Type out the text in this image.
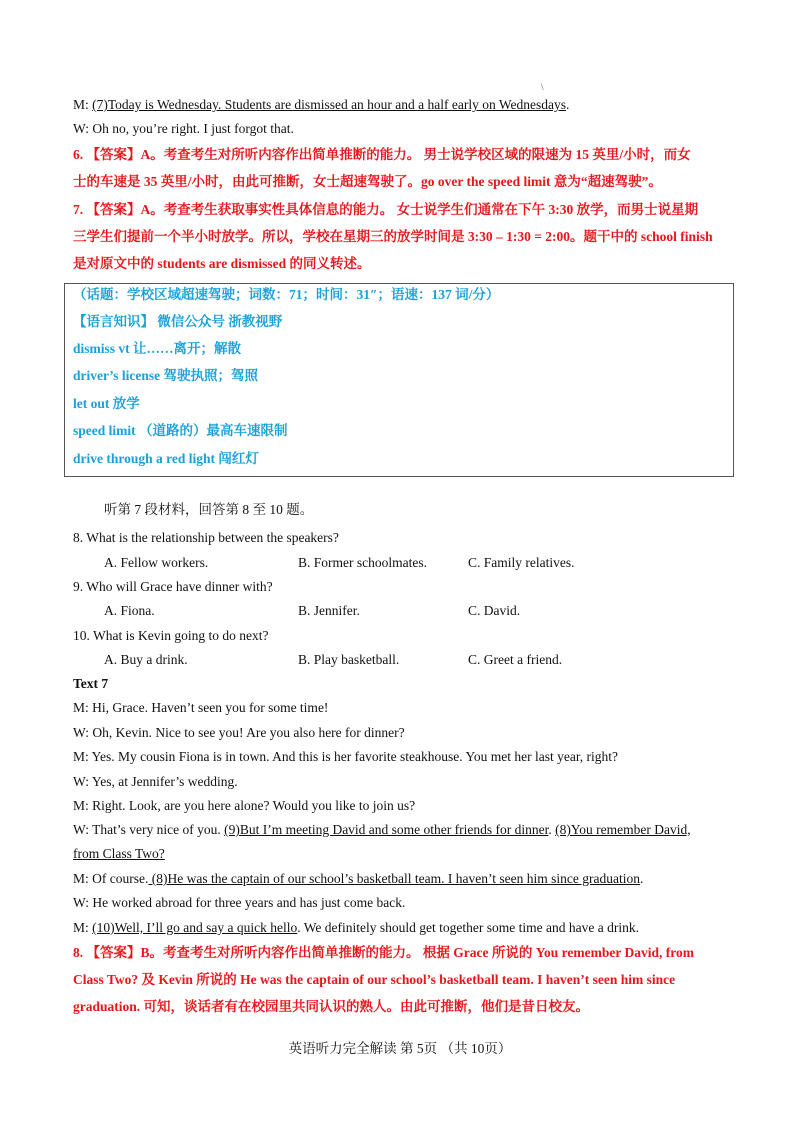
\
M: (7)Today is Wednesday. Students are dismissed an hour and a half early on Wednesdays.
W: Oh no, you’re right. I just forgot that.
6. 【答案】A。考查考生对所听内容作出简单推断的能力。 男士说学校区域的限速为 15 英里/小时，而女
士的车速是 35 英里/小时，由此可推断，女士超速驾驶了。go over the speed limit 意为“超速驾驶”。
7. 【答案】A。考查考生获取事实性具体信息的能力。 女士说学生们通常在下午 3:30 放学，而男士说星期
三学生们提前一个半小时放学。所以，学校在星期三的放学时间是 3:30 – 1:30 = 2:00。题干中的 school finish
是对原文中的 students are dismissed 的同义转述。
（话题：学校区域超速驾驶；词数：71；时间：31″；语速：137 词/分）
【语言知识】 微信公众号 浙教视野
dismiss vt 让……离开；解散
driver’s license 驾驶执照；驾照
let out 放学
speed limit （道路的）最高车速限制
drive through a red light 闯红灯
听第 7 段材料，回答第 8 至 10 题。
8. What is the relationship between the speakers?
A. Fellow workers.	B. Former schoolmates.	C. Family relatives.
9. Who will Grace have dinner with?
A. Fiona.	B. Jennifer.	C. David.
10. What is Kevin going to do next?
A. Buy a drink.	B. Play basketball.	C. Greet a friend.
Text 7
M: Hi, Grace. Haven’t seen you for some time!
W: Oh, Kevin. Nice to see you! Are you also here for dinner?
M: Yes. My cousin Fiona is in town. And this is her favorite steakhouse. You met her last year, right?
W: Yes, at Jennifer’s wedding.
M: Right. Look, are you here alone? Would you like to join us?
W: That’s very nice of you. (9)But I’m meeting David and some other friends for dinner. (8)You remember David,
from Class Two?
M: Of course. (8)He was the captain of our school’s basketball team. I haven’t seen him since graduation.
W: He worked abroad for three years and has just come back.
M: (10)Well, I’ll go and say a quick hello. We definitely should get together some time and have a drink.
8. 【答案】B。考查考生对所听内容作出简单推断的能力。 根据 Grace 所说的 You remember David, from
Class Two? 及 Kevin 所说的 He was the captain of our school’s basketball team. I haven’t seen him since
graduation. 可知，谈话者有在校园里共同认识的熟人。由此可推断，他们是昔日校友。
英语听力完全解读 第 5页 （共 10页）
